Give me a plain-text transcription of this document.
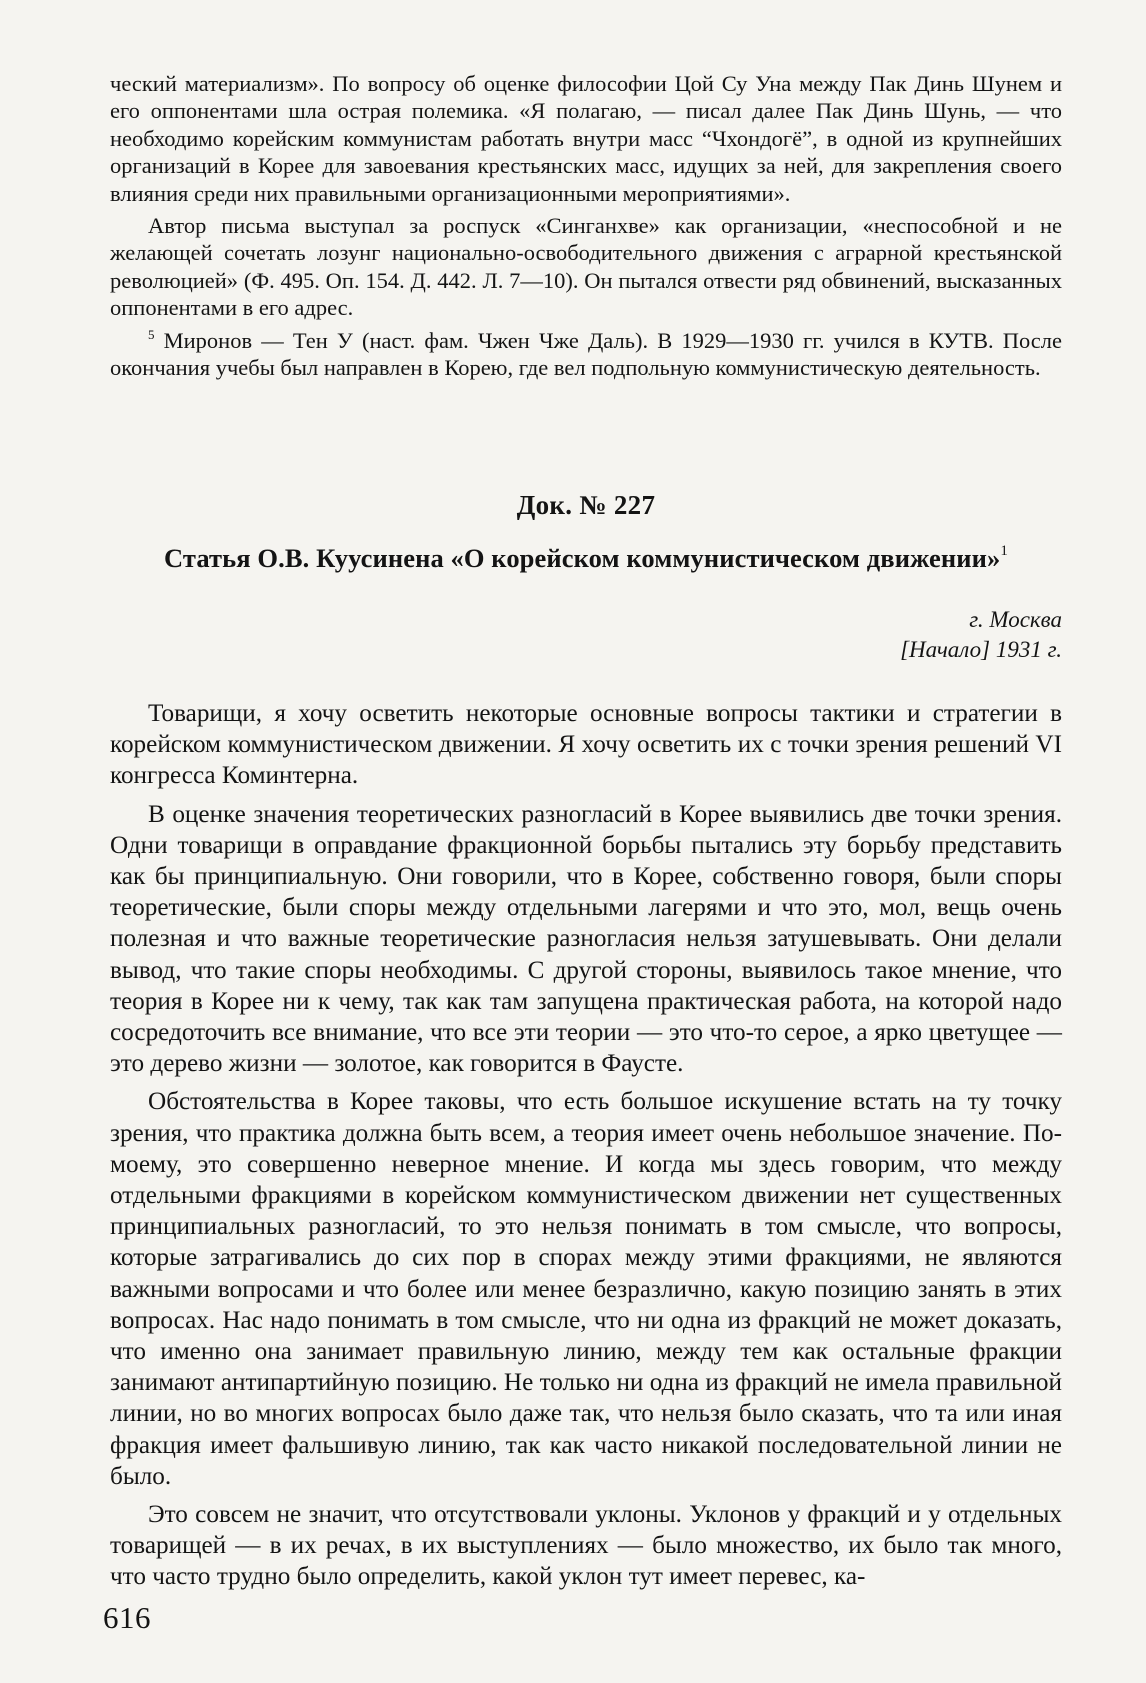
ческий материализм». По вопросу об оценке философии Цой Су Уна между Пак Динь Шунем и его оппонентами шла острая полемика. «Я полагаю, — писал далее Пак Динь Шунь, — что необходимо корейским коммунистам работать внутри масс “Чхондогё”, в одной из крупнейших организаций в Корее для завоевания крестьянских масс, идущих за ней, для закрепления своего влияния среди них правильными организационными мероприятиями».

Автор письма выступал за роспуск «Синганхве» как организации, «неспособной и не желающей сочетать лозунг национально-освободительного движения с аграрной крестьянской революцией» (Ф. 495. Оп. 154. Д. 442. Л. 7—10). Он пытался отвести ряд обвинений, высказанных оппонентами в его адрес.

$^5$ Миронов — Тен У (наст. фам. Чжен Чже Даль). В 1929—1930 гг. учился в КУТВ. После окончания учебы был направлен в Корею, где вел подпольную коммунистическую деятельность.

Док. № 227
Статья О.В. Куусинена «О корейском коммунистическом движении»$^1$
г. Москва
[Начало] 1931 г.

Товарищи, я хочу осветить некоторые основные вопросы тактики и стратегии в корейском коммунистическом движении. Я хочу осветить их с точки зрения решений VI конгресса Коминтерна.

В оценке значения теоретических разногласий в Корее выявились две точки зрения. Одни товарищи в оправдание фракционной борьбы пытались эту борьбу представить как бы принципиальную. Они говорили, что в Корее, собственно говоря, были споры теоретические, были споры между отдельными лагерями и что это, мол, вещь очень полезная и что важные теоретические разногласия нельзя затушевывать. Они делали вывод, что такие споры необходимы. С другой стороны, выявилось такое мнение, что теория в Корее ни к чему, так как там запущена практическая работа, на которой надо сосредоточить все внимание, что все эти теории — это что-то серое, а ярко цветущее — это дерево жизни — золотое, как говорится в Фаусте.

Обстоятельства в Корее таковы, что есть большое искушение встать на ту точку зрения, что практика должна быть всем, а теория имеет очень небольшое значение. По-моему, это совершенно неверное мнение. И когда мы здесь говорим, что между отдельными фракциями в корейском коммунистическом движении нет существенных принципиальных разногласий, то это нельзя понимать в том смысле, что вопросы, которые затрагивались до сих пор в спорах между этими фракциями, не являются важными вопросами и что более или менее безразлично, какую позицию занять в этих вопросах. Нас надо понимать в том смысле, что ни одна из фракций не может доказать, что именно она занимает правильную линию, между тем как остальные фракции занимают антипартийную позицию. Не только ни одна из фракций не имела правильной линии, но во многих вопросах было даже так, что нельзя было сказать, что та или иная фракция имеет фальшивую линию, так как часто никакой последовательной линии не было.

Это совсем не значит, что отсутствовали уклоны. Уклонов у фракций и у отдельных товарищей — в их речах, в их выступлениях — было множество, их было так много, что часто трудно было определить, какой уклон тут имеет перевес, ка-

616
